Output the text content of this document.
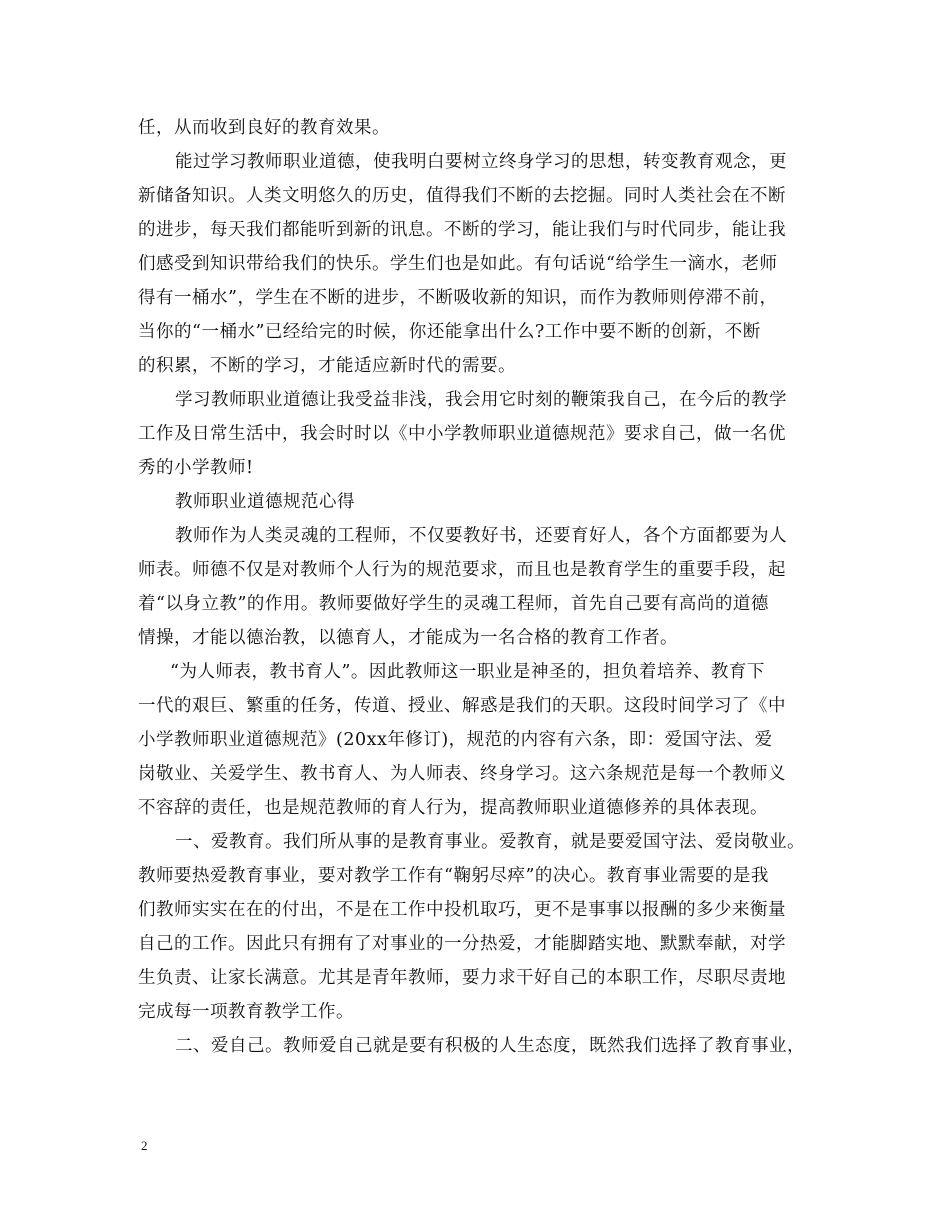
任，从而收到良好的教育效果。
能过学习教师职业道德，使我明白要树立终身学习的思想，转变教育观念，更
新储备知识。人类文明悠久的历史，值得我们不断的去挖掘。同时人类社会在不断
的进步，每天我们都能听到新的讯息。不断的学习，能让我们与时代同步，能让我
们感受到知识带给我们的快乐。学生们也是如此。有句话说“给学生一滴水，老师
得有一桶水”，学生在不断的进步，不断吸收新的知识，而作为教师则停滞不前，
当你的“一桶水”已经给完的时候，你还能拿出什么?工作中要不断的创新，不断
的积累，不断的学习，才能适应新时代的需要。
学习教师职业道德让我受益非浅，我会用它时刻的鞭策我自己，在今后的教学
工作及日常生活中，我会时时以《中小学教师职业道德规范》要求自己，做一名优
秀的小学教师!
教师职业道德规范心得
教师作为人类灵魂的工程师，不仅要教好书，还要育好人，各个方面都要为人
师表。师德不仅是对教师个人行为的规范要求，而且也是教育学生的重要手段，起
着“以身立教”的作用。教师要做好学生的灵魂工程师，首先自己要有高尚的道德
情操，才能以德治教，以德育人，才能成为一名合格的教育工作者。
“为人师表，教书育人”。因此教师这一职业是神圣的，担负着培养、教育下
一代的艰巨、繁重的任务，传道、授业、解惑是我们的天职。这段时间学习了《中
小学教师职业道德规范》(20xx年修订)，规范的内容有六条，即：爱国守法、爱
岗敬业、关爱学生、教书育人、为人师表、终身学习。这六条规范是每一个教师义
不容辞的责任，也是规范教师的育人行为，提高教师职业道德修养的具体表现。
一、爱教育。我们所从事的是教育事业。爱教育，就是要爱国守法、爱岗敬业。
教师要热爱教育事业，要对教学工作有“鞠躬尽瘁”的决心。教育事业需要的是我
们教师实实在在的付出，不是在工作中投机取巧，更不是事事以报酬的多少来衡量
自己的工作。因此只有拥有了对事业的一分热爱，才能脚踏实地、默默奉献，对学
生负责、让家长满意。尤其是青年教师，要力求干好自己的本职工作，尽职尽责地
完成每一项教育教学工作。
二、爱自己。教师爱自己就是要有积极的人生态度，既然我们选择了教育事业，
2
